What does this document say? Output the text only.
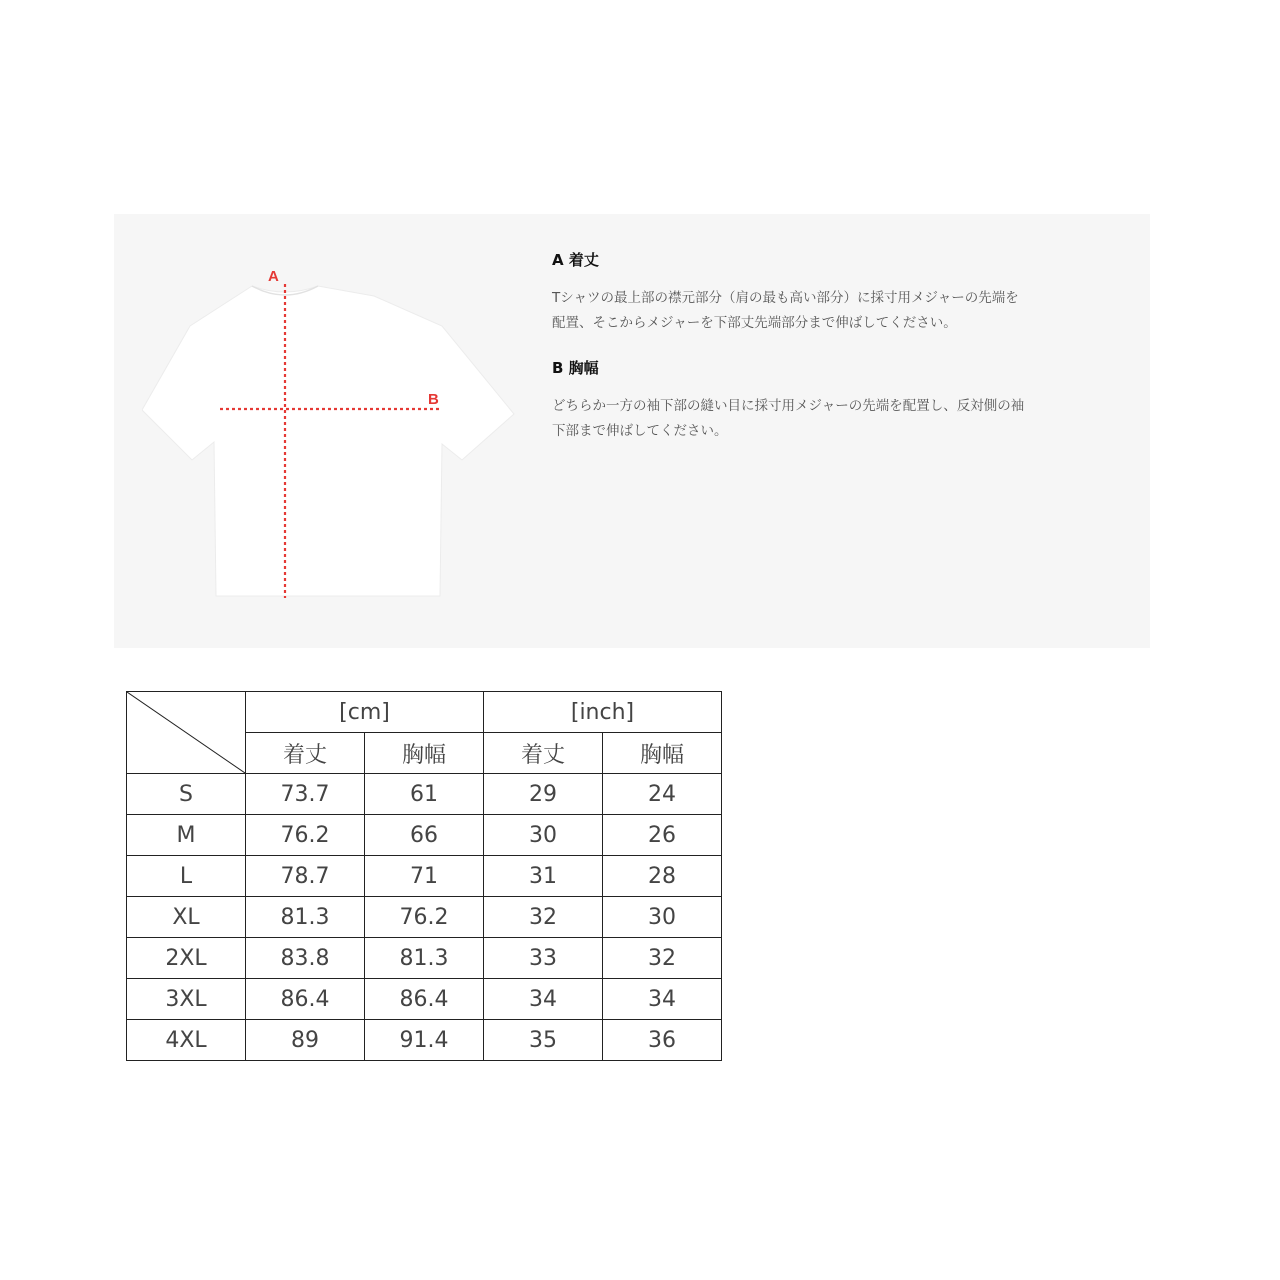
A
B
A 着丈
Tシャツの最上部の襟元部分（肩の最も高い部分）に採寸用メジャーの先端を
配置、そこからメジャーを下部丈先端部分まで伸ばしてください。
B 胸幅
どちらか一方の袖下部の縫い目に採寸用メジャーの先端を配置し、反対側の袖
下部まで伸ばしてください。
	[cm]		[inch]	
	着丈	胸幅	着丈	胸幅
S	73.7	61	29	24
M	76.2	66	30	26
L	78.7	71	31	28
XL	81.3	76.2	32	30
2XL	83.8	81.3	33	32
3XL	86.4	86.4	34	34
4XL	89	91.4	35	36
